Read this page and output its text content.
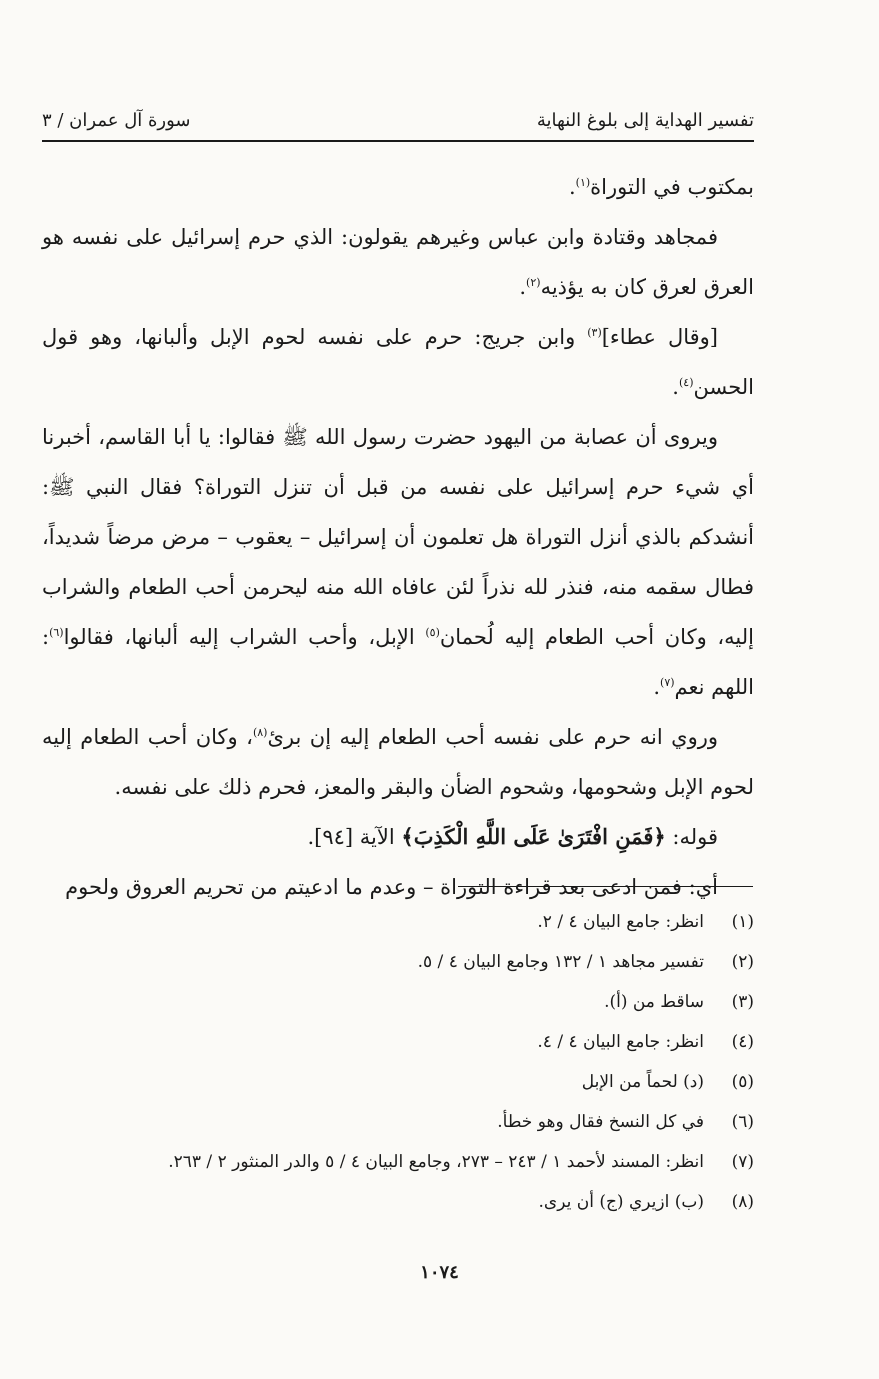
تفسير الهداية إلى بلوغ النهاية
سورة آل عمران / ٣

بمكتوب في التوراة$^{(١)}$.

فمجاهد وقتادة وابن عباس وغيرهم يقولون: الذي حرم إسرائيل على نفسه هو العرق لعرق كان به يؤذيه$^{(٢)}$.

[وقال عطاء]$^{(٣)}$ وابن جريج: حرم على نفسه لحوم الإبل وألبانها، وهو قول الحسن$^{(٤)}$.

ويروى أن عصابة من اليهود حضرت رسول الله ﷺ فقالوا: يا أبا القاسم، أخبرنا أي شيء حرم إسرائيل على نفسه من قبل أن تنزل التوراة؟ فقال النبي ﷺ: أنشدكم بالذي أنزل التوراة هل تعلمون أن إسرائيل – يعقوب – مرض مرضاً شديداً، فطال سقمه منه، فنذر لله نذراً لئن عافاه الله منه ليحرمن أحب الطعام والشراب إليه، وكان أحب الطعام إليه لُحمان$^{(٥)}$ الإبل، وأحب الشراب إليه ألبانها، فقالوا$^{(٦)}$: اللهم نعم$^{(٧)}$.

وروي انه حرم على نفسه أحب الطعام إليه إن برئ$^{(٨)}$، وكان أحب الطعام إليه لحوم الإبل وشحومها، وشحوم الضأن والبقر والمعز، فحرم ذلك على نفسه.

قوله: ﴿فَمَنِ افْتَرَىٰ عَلَى اللَّهِ الْكَذِبَ﴾ الآية [٩٤].

أي: فمن ادعى بعد قراءة التوراة – وعدم ما ادعيتم من تحريم العروق ولحوم

(١)
انظر: جامع البيان ٤ / ٢.
(٢)
تفسير مجاهد ١ / ١٣٢ وجامع البيان ٤ / ٥.
(٣)
ساقط من (أ).
(٤)
انظر: جامع البيان ٤ / ٤.
(٥)
(د) لحماً من الإبل
(٦)
في كل النسخ فقال وهو خطأ.
(٧)
انظر: المسند لأحمد ١ / ٢٤٣ – ٢٧٣، وجامع البيان ٤ / ٥ والدر المنثور ٢ / ٢٦٣.
(٨)
(ب) ازيري (ج) أن يرى.
١٠٧٤
